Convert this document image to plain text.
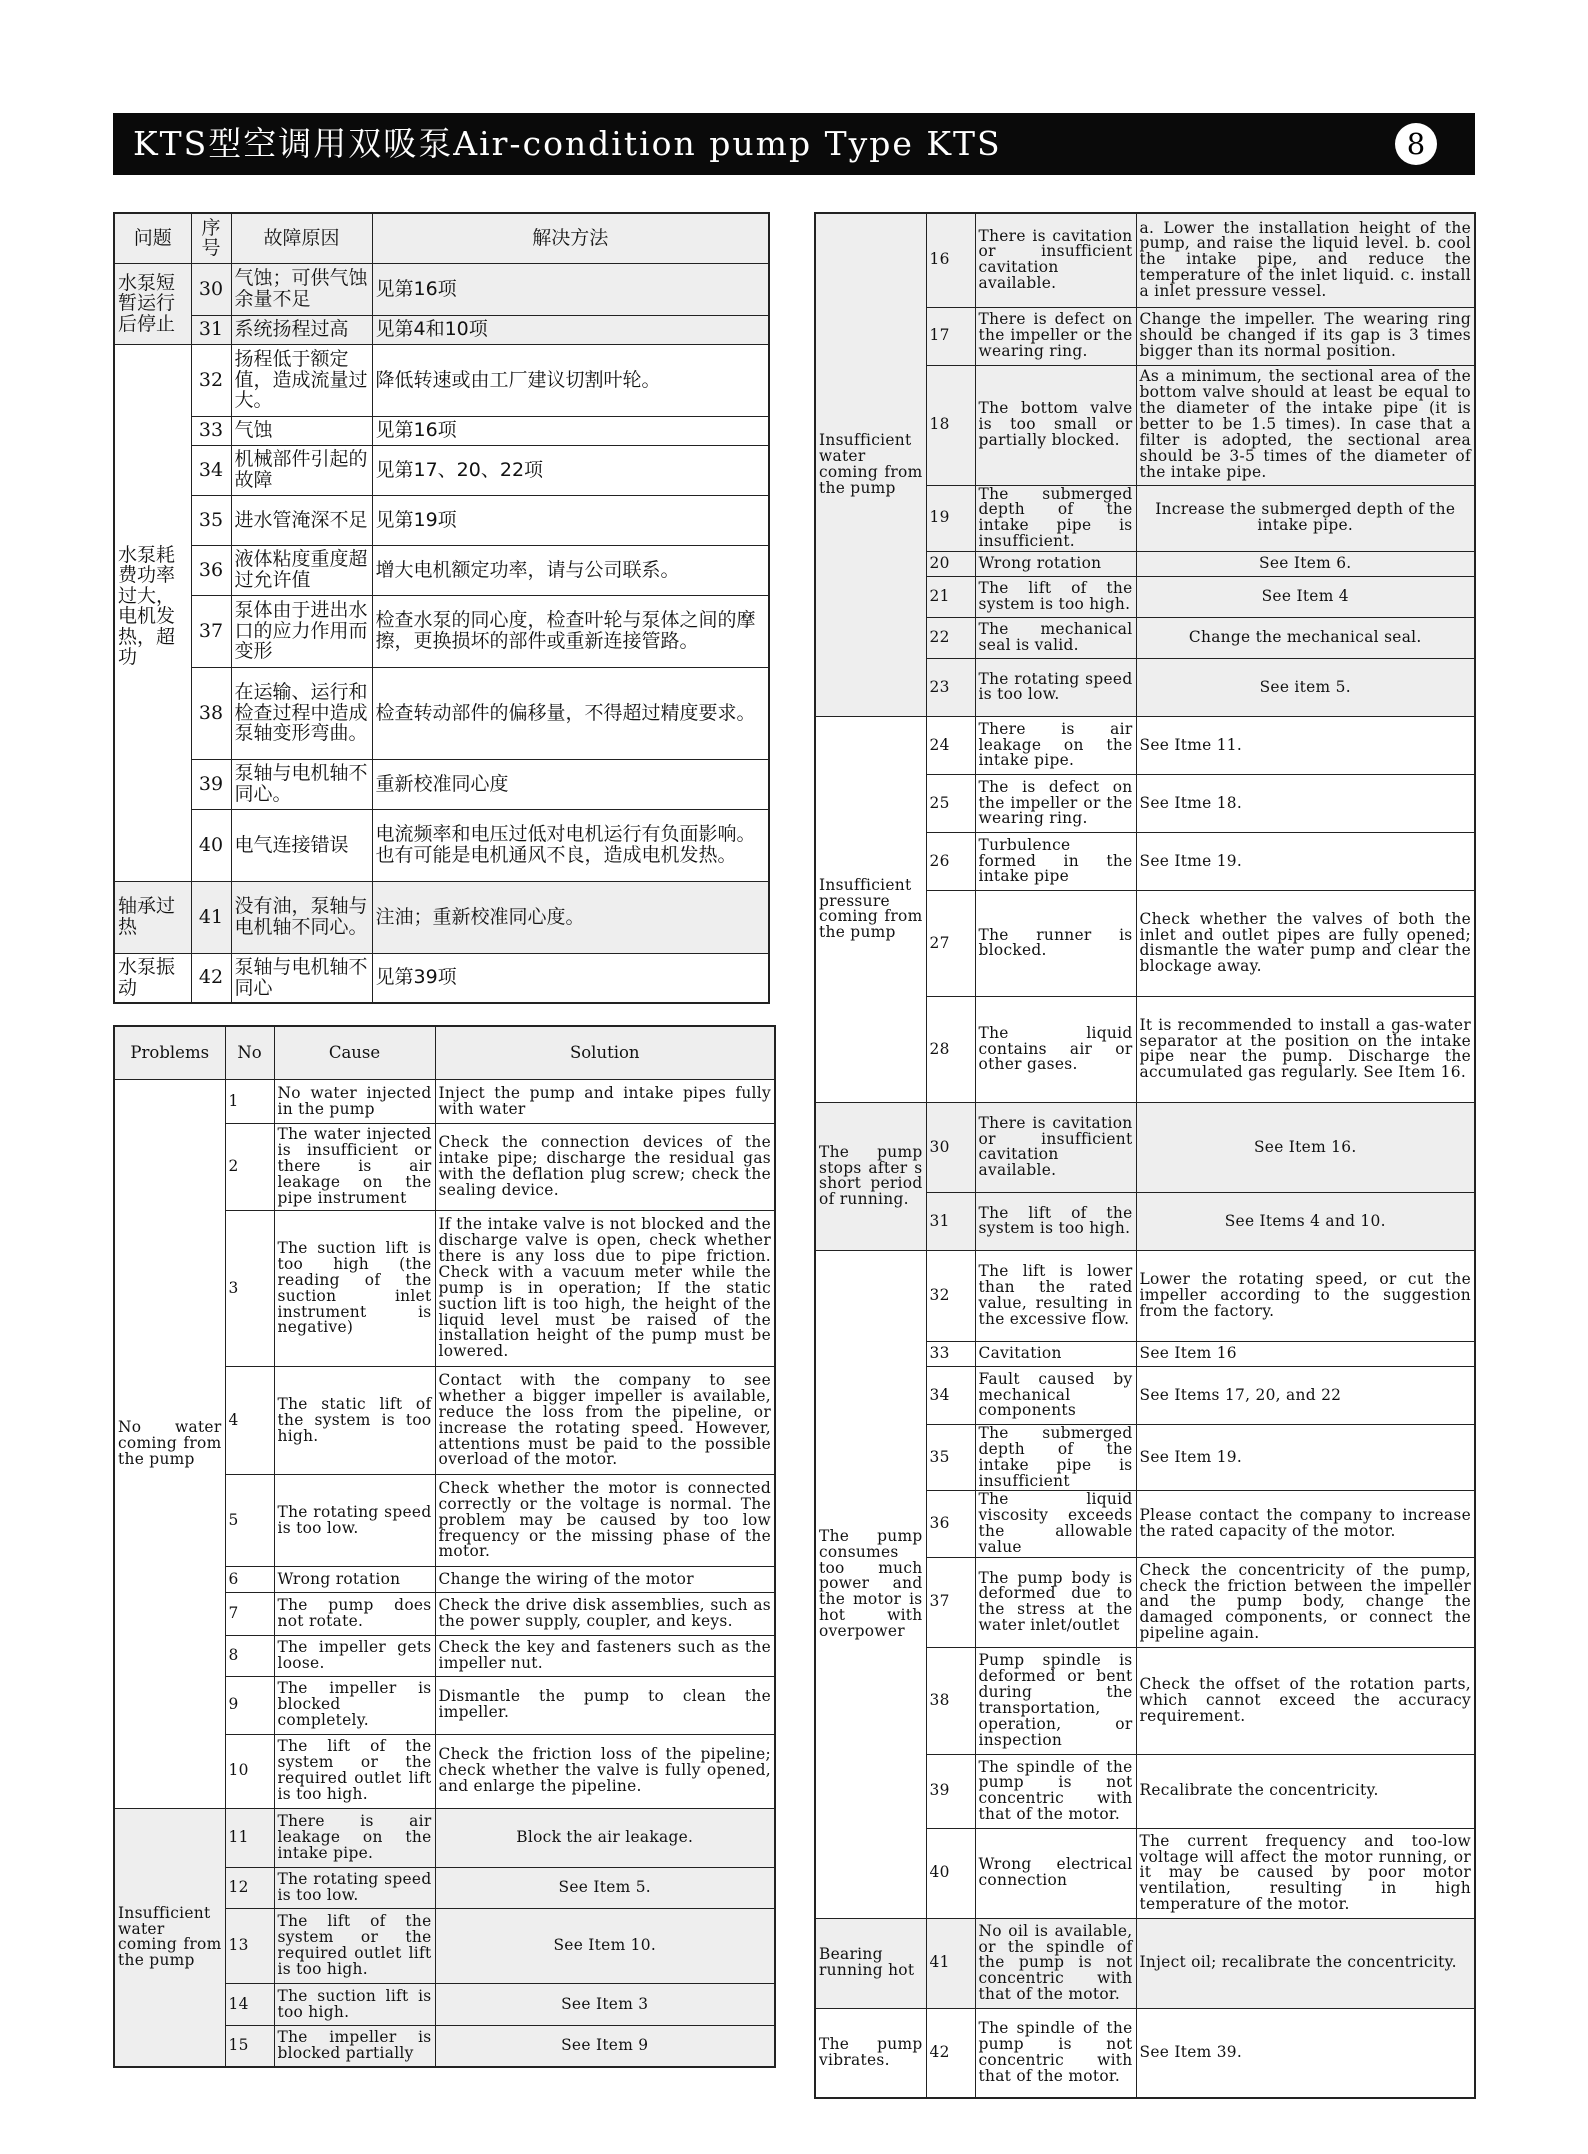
KTS型空调用双吸泵Air-condition pump Type KTS	8
问题	序号	故障原因	解决方法
水泵短暂运行后停止	30	气蚀；可供气蚀余量不足	见第16项
	31	系统扬程过高	见第4和10项
水泵耗费功率过大，电机发热，超功	32	扬程低于额定值，造成流量过大。	降低转速或由工厂建议切割叶轮。
	33	气蚀	见第16项
	34	机械部件引起的故障	见第17、20、22项
	35	进水管淹深不足	见第19项
	36	液体粘度重度超过允许值	增大电机额定功率，请与公司联系。
	37	泵体由于进出水口的应力作用而变形	检查水泵的同心度，检查叶轮与泵体之间的摩擦，更换损坏的部件或重新连接管路。
	38	在运输、运行和检查过程中造成泵轴变形弯曲。	检查转动部件的偏移量，不得超过精度要求。
	39	泵轴与电机轴不同心。	重新校准同心度
	40	电气连接错误	电流频率和电压过低对电机运行有负面影响。也有可能是电机通风不良，造成电机发热。
轴承过热	41	没有油，泵轴与电机轴不同心。	注油；重新校准同心度。
水泵振动	42	泵轴与电机轴不同心	见第39项
Problems	No	Cause	Solution
No water coming from the pump	1	No water injected in the pump	Inject the pump and intake pipes fully with water
	2	The water injected is insufficient or there is air leakage on the pipe instrument	Check the connection devices of the intake pipe; discharge the residual gas with the deflation plug screw; check the sealing device.
	3	The suction lift is too high (the reading of the suction inlet instrument is negative)	If the intake valve is not blocked and the discharge valve is open, check whether there is any loss due to pipe friction. Check with a vacuum meter while the pump is in operation; If the static suction lift is too high, the height of the liquid level must be raised of the installation height of the pump must be lowered.
	4	The static lift of the system is too high.	Contact with the company to see whether a bigger impeller is available, reduce the loss from the pipeline, or increase the rotating speed. However, attentions must be paid to the possible overload of the motor.
	5	The rotating speed is too low.	Check whether the motor is connected correctly or the voltage is normal. The problem may be caused by too low frequency or the missing phase of the motor.
	6	Wrong rotation	Change the wiring of the motor
	7	The pump does not rotate.	Check the drive disk assemblies, such as the power supply, coupler, and keys.
	8	The impeller gets loose.	Check the key and fasteners such as the impeller nut.
	9	The impeller is blocked completely.	Dismantle the pump to clean the impeller.
	10	The lift of the system or the required outlet lift is too high.	Check the friction loss of the pipeline; check whether the valve is fully opened, and enlarge the pipeline.
Insufficient water coming from the pump	11	There is air leakage on the intake pipe.	Block the air leakage.
	12	The rotating speed is too low.	See Item 5.
	13	The lift of the system or the required outlet lift is too high.	See Item 10.
	14	The suction lift is too high.	See Item 3
	15	The impeller is blocked partially	See Item 9
Insufficient water coming from the pump	16	There is cavitation or insufficient cavitation available.	a. Lower the installation height of the pump, and raise the liquid level. b. cool the intake pipe, and reduce the temperature of the inlet liquid. c. install a inlet pressure vessel.
	17	There is defect on the impeller or the wearing ring.	Change the impeller. The wearing ring should be changed if its gap is 3 times bigger than its normal position.
	18	The bottom valve is too small or partially blocked.	As a minimum, the sectional area of the bottom valve should at least be equal to the diameter of the intake pipe (it is better to be 1.5 times). In case that a filter is adopted, the sectional area should be 3-5 times of the diameter of the intake pipe.
	19	The submerged depth of the intake pipe is insufficient.	Increase the submerged depth of the intake pipe.
	20	Wrong rotation	See Item 6.
	21	The lift of the system is too high.	See Item 4
	22	The mechanical seal is valid.	Change the mechanical seal.
	23	The rotating speed is too low.	See item 5.
Insufficient pressure coming from the pump	24	There is air leakage on the intake pipe.	See Itme 11.
	25	The is defect on the impeller or the wearing ring.	See Itme 18.
	26	Turbulence formed in the intake pipe	See Itme 19.
	27	The runner is blocked.	Check whether the valves of both the inlet and outlet pipes are fully opened; dismantle the water pump and clear the blockage away.
	28	The liquid contains air or other gases.	It is recommended to install a gas-water separator at the position on the intake pipe near the pump. Discharge the accumulated gas regularly. See Item 16.
The pump stops after s short period of running.	30	There is cavitation or insufficient cavitation available.	See Item 16.
	31	The lift of the system is too high.	See Items 4 and 10.
The pump consumes too much power and the motor is hot with overpower	32	The lift is lower than the rated value, resulting in the excessive flow.	Lower the rotating speed, or cut the impeller according to the suggestion from the factory.
	33	Cavitation	See Item 16
	34	Fault caused by mechanical components	See Items 17, 20, and 22
	35	The submerged depth of the intake pipe is insufficient	See Item 19.
	36	The liquid viscosity exceeds the allowable value	Please contact the company to increase the rated capacity of the motor.
	37	The pump body is deformed due to the stress at the water inlet/outlet	Check the concentricity of the pump, check the friction between the impeller and the pump body, change the damaged components, or connect the pipeline again.
	38	Pump spindle is deformed or bent during the transportation, operation, or inspection	Check the offset of the rotation parts, which cannot exceed the accuracy requirement.
	39	The spindle of the pump is not concentric with that of the motor.	Recalibrate the concentricity.
	40	Wrong electrical connection	The current frequency and too-low voltage will affect the motor running, or it may be caused by poor motor ventilation, resulting in high temperature of the motor.
Bearing running hot	41	No oil is available, or the spindle of the pump is not concentric with that of the motor.	Inject oil; recalibrate the concentricity.
The pump vibrates.	42	The spindle of the pump is not concentric with that of the motor.	See Item 39.
